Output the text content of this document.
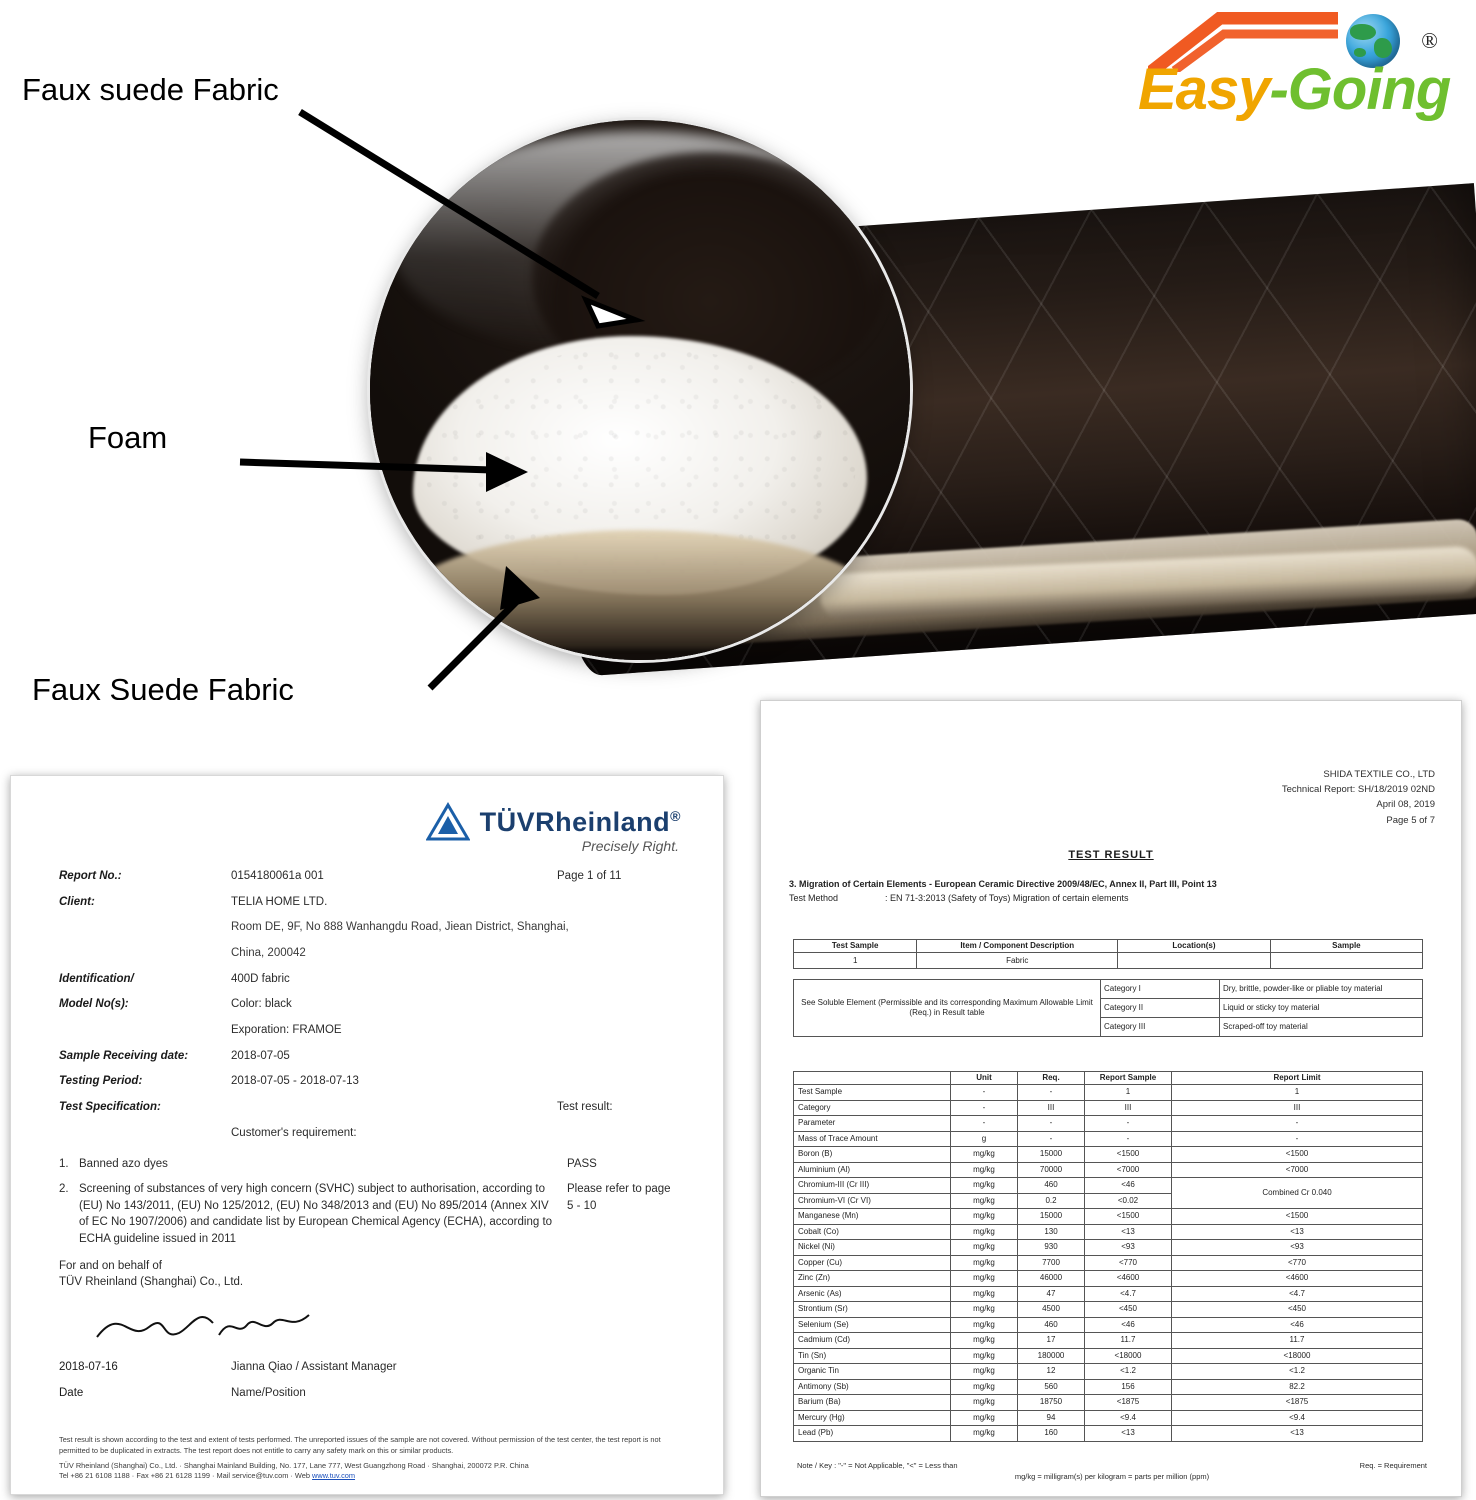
Faux suede Fabric
Foam
Faux Suede Fabric
®
Easy-Going
TÜVRheinland®
Precisely Right.
Report No.:	0154180061a 001	Page 1 of 11
Client:	TELIA HOME LTD.
Room DE, 9F, No 888 Wanhangdu Road, Jiean District, Shanghai,
China, 200042
Identification/	400D fabric
Model No(s):	Color: black
Exporation: FRAMOE
Sample Receiving date:	2018-07-05
Testing Period:	2018-07-05 - 2018-07-13
Test Specification:	Test result:
Customer's requirement:
1. Banned azo dyes	PASS
2. Screening of substances of very high concern (SVHC) subject to authorisation, according to (EU) No 143/2011, (EU) No 125/2012, (EU) No 348/2013 and (EU) No 895/2014 (Annex XIV of EC No 1907/2006) and candidate list by European Chemical Agency (ECHA), according to ECHA guideline issued in 2011
Please refer to page 5 - 10
For and on behalf of
TÜV Rheinland (Shanghai) Co., Ltd.
2018-07-16	Jianna Qiao / Assistant Manager
Date	Name/Position
Test result is shown according to the test and extent of tests performed. The unreported issues of the sample are not covered. Without permission of the test center, the test report is not permitted to be duplicated in extracts. The test report does not entitle to carry any safety mark on this or similar products.
TÜV Rheinland (Shanghai) Co., Ltd. · Shanghai Mainland Building, No. 177, Lane 777, West Guangzhong Road · Shanghai, 200072 P.R. China
Tel +86 21 6108 1188 · Fax +86 21 6128 1199 · Mail service@tuv.com · Web www.tuv.com
SHIDA TEXTILE CO., LTD
Technical Report: SH/18/2019 02ND
April 08, 2019
Page 5 of 7
TEST RESULT
3. Migration of Certain Elements - European Ceramic Directive 2009/48/EC, Annex II, Part III, Point 13
Test Method	: EN 71-3:2013 (Safety of Toys) Migration of certain elements
Test Sample	Item / Component Description	Location(s)	Sample
1	Fabric		
See Soluble Element (Permissible and its corresponding Maximum Allowable Limit (Req.) in Result table	Category I	Dry, brittle, powder-like or pliable toy material
	Category II	Liquid or sticky toy material
	Category III	Scraped-off toy material
	Unit	Req.	Report Sample	Report Limit
Test Sample	-	-	1	1
Category	-	III	III	III
Parameter	-	-	-	-
Mass of Trace Amount	g	-	-	-
Boron (B)	mg/kg	15000	<1500	<1500
Aluminium (Al)	mg/kg	70000	<7000	<7000
Chromium-III (Cr III)	mg/kg	460	<46	Combined Cr 0.040
Chromium-VI (Cr VI)	mg/kg	0.2	<0.02	
Manganese (Mn)	mg/kg	15000	<1500	<1500
Cobalt (Co)	mg/kg	130	<13	<13
Nickel (Ni)	mg/kg	930	<93	<93
Copper (Cu)	mg/kg	7700	<770	<770
Zinc (Zn)	mg/kg	46000	<4600	<4600
Arsenic (As)	mg/kg	47	<4.7	<4.7
Strontium (Sr)	mg/kg	4500	<450	<450
Selenium (Se)	mg/kg	460	<46	<46
Cadmium (Cd)	mg/kg	17	11.7	11.7
Tin (Sn)	mg/kg	180000	<18000	<18000
Organic Tin	mg/kg	12	<1.2	<1.2
Antimony (Sb)	mg/kg	560	156	82.2
Barium (Ba)	mg/kg	18750	<1875	<1875
Mercury (Hg)	mg/kg	94	<9.4	<9.4
Lead (Pb)	mg/kg	160	<13	<13
Note / Key : "-" = Not Applicable, "<" = Less than	Req. = Requirement
mg/kg = milligram(s) per kilogram = parts per million (ppm)
